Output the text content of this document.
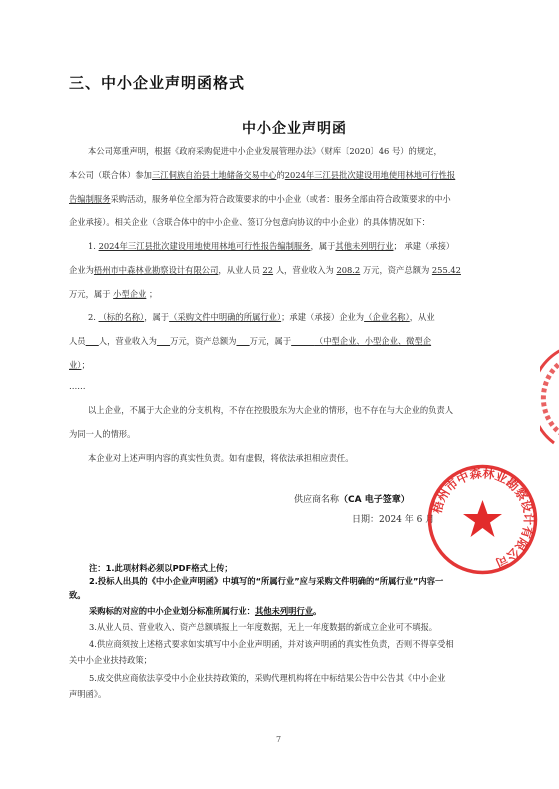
三、中小企业声明函格式
中小企业声明函
本公司郑重声明，根据《政府采购促进中小企业发展管理办法》（财库〔2020〕46 号）的规定，
本公司（联合体）参加三江侗族自治县土地储备交易中心的2024年三江县批次建设用地使用林地可行性报
告编制服务采购活动，服务单位全部为符合政策要求的中小企业（或者：服务全部由符合政策要求的中小
企业承接）。相关企业（含联合体中的中小企业、签订分包意向协议的中小企业）的具体情况如下：
1. 2024年三江县批次建设用地使用林地可行性报告编制服务，属于其他未列明行业； 承建（承接）
企业为梧州市中森林业勘察设计有限公司，从业人员 22 人，营业收入为 208.2 万元，资产总额为 255.42
万元，属于 小型企业 ；
2. （标的名称），属于（采购文件中明确的所属行业）；承建（承接）企业为（企业名称），从业
人员 人，营业收入为 万元，资产总额为 万元，属于	（中型企业、小型企业、微型企
业）；
……
以上企业，不属于大企业的分支机构，不存在控股股东为大企业的情形，也不存在与大企业的负责人
为同一人的情形。
本企业对上述声明内容的真实性负责。如有虚假，将依法承担相应责任。
供应商名称（CA 电子签章）
日期：2024 年 6 月
注：1.此项材料必须以PDF格式上传；
2.投标人出具的《中小企业声明函》中填写的“所属行业”应与采购文件明确的“所属行业”内容一
致。
采购标的对应的中小企业划分标准所属行业：其他未列明行业。
3.从业人员、营业收入、资产总额填报上一年度数据，无上一年度数据的新成立企业可不填报。
4.供应商须按上述格式要求如实填写中小企业声明函，并对该声明函的真实性负责，否则不得享受相
关中小企业扶持政策；
5.成交供应商依法享受中小企业扶持政策的，采购代理机构将在中标结果公告中公告其《中小企业
声明函》。
梧州市中森林业勘察设计有限公司
7
